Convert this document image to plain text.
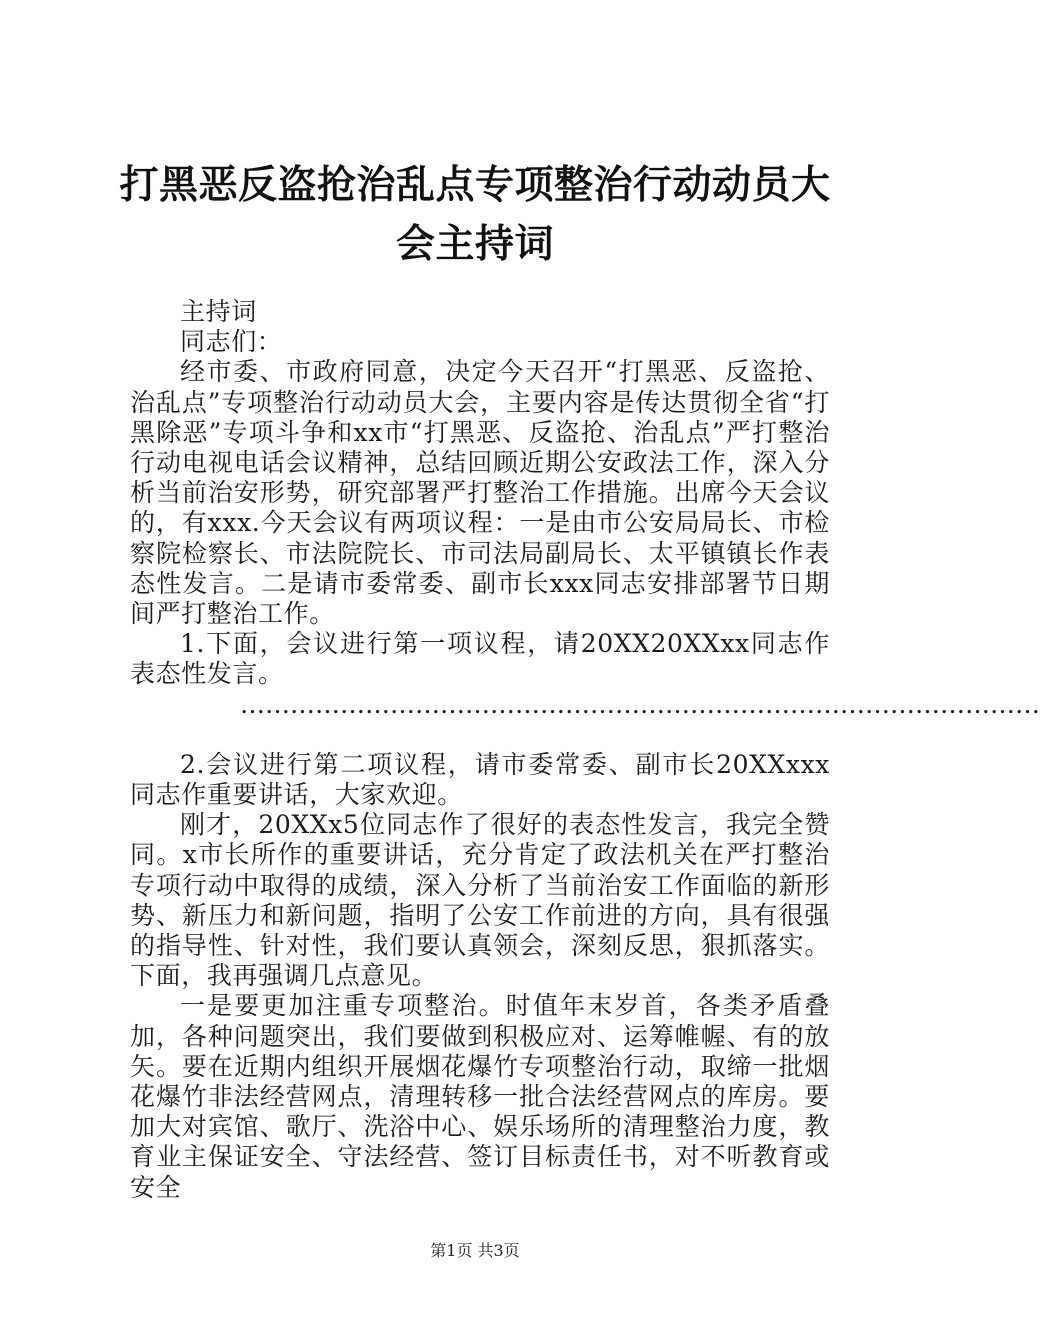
打黑恶反盗抢治乱点专项整治行动动员大会主持词

主持词

同志们：

经市委、市政府同意，决定今天召开“打黑恶、反盗抢、治乱点”专项整治行动动员大会，主要内容是传达贯彻全省“打黑除恶”专项斗争和xx市“打黑恶、反盗抢、治乱点”严打整治行动电视电话会议精神，总结回顾近期公安政法工作，深入分析当前治安形势，研究部署严打整治工作措施。出席今天会议的，有xxx.今天会议有两项议程：一是由市公安局局长、市检察院检察长、市法院院长、市司法局副局长、太平镇镇长作表态性发言。二是请市委常委、副市长xxx同志安排部署节日期间严打整治工作。

1.下面，会议进行第一项议程，请20XX20XXxx同志作表态性发言。

……………………………………………………………………………………

2.会议进行第二项议程，请市委常委、副市长20XXxxx同志作重要讲话，大家欢迎。

刚才，20XXx5位同志作了很好的表态性发言，我完全赞同。x市长所作的重要讲话，充分肯定了政法机关在严打整治专项行动中取得的成绩，深入分析了当前治安工作面临的新形势、新压力和新问题，指明了公安工作前进的方向，具有很强的指导性、针对性，我们要认真领会，深刻反思，狠抓落实。下面，我再强调几点意见。

一是要更加注重专项整治。时值年末岁首，各类矛盾叠加，各种问题突出，我们要做到积极应对、运筹帷幄、有的放矢。要在近期内组织开展烟花爆竹专项整治行动，取缔一批烟花爆竹非法经营网点，清理转移一批合法经营网点的库房。要加大对宾馆、歌厅、洗浴中心、娱乐场所的清理整治力度，教育业主保证安全、守法经营、签订目标责任书，对不听教育或安全

第1页 共3页
